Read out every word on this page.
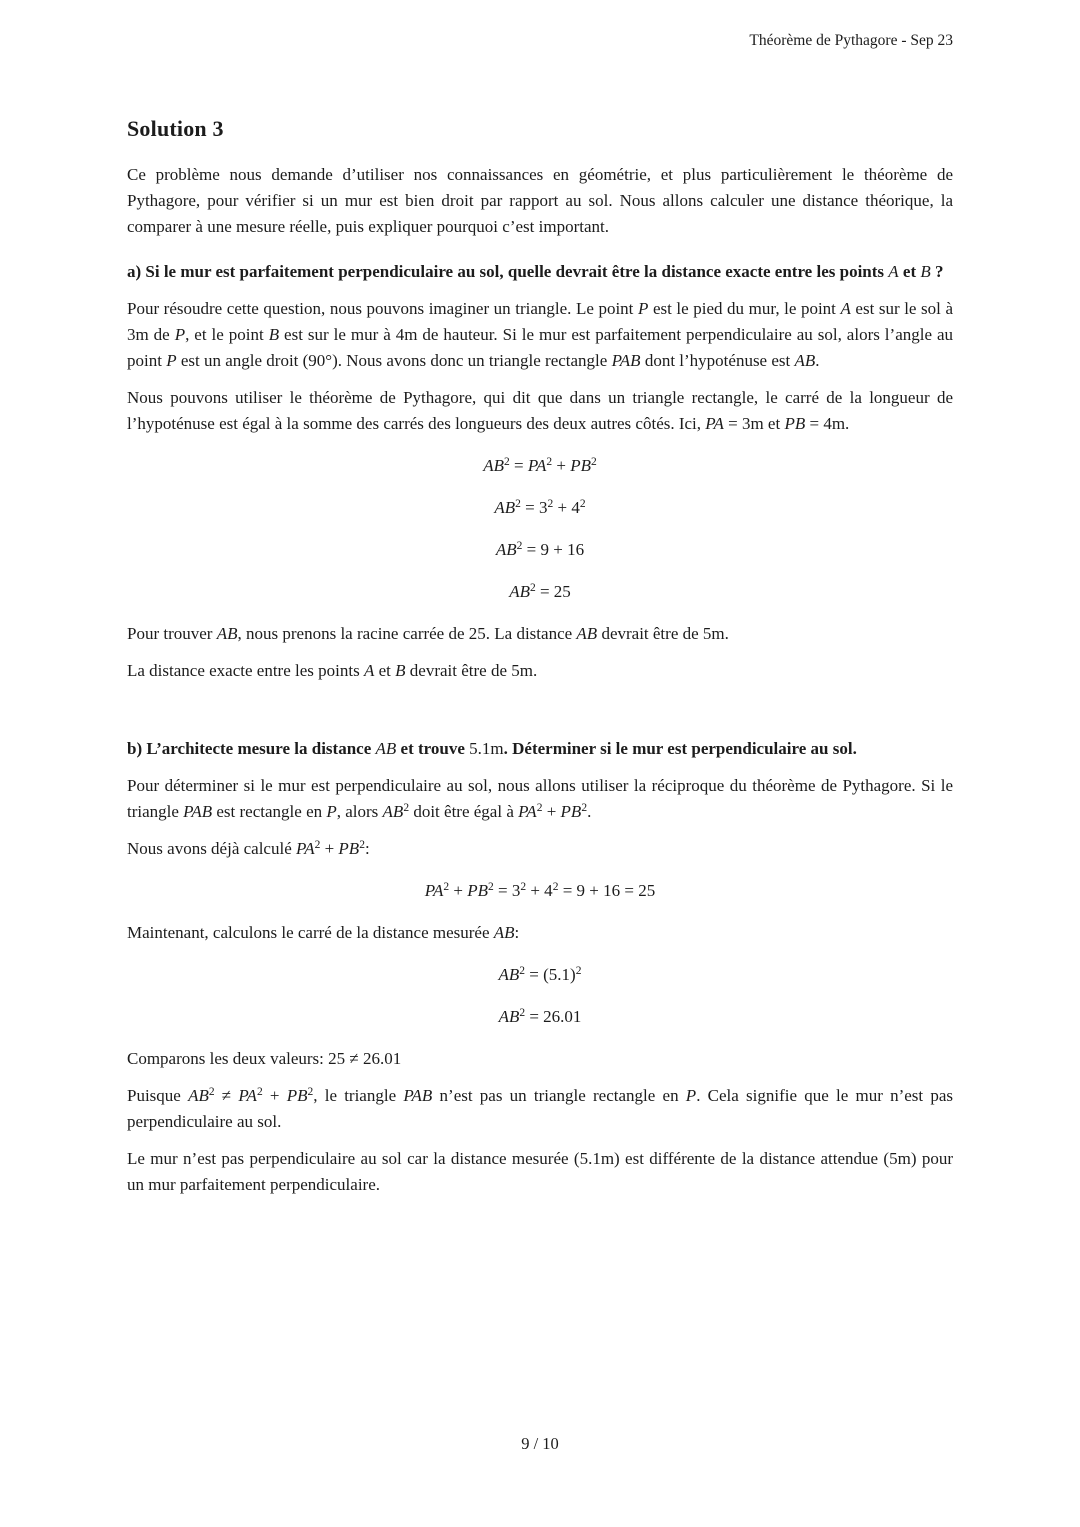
Théorème de Pythagore - Sep 23
Solution 3
Ce problème nous demande d’utiliser nos connaissances en géométrie, et plus particulièrement le théorème de Pythagore, pour vérifier si un mur est bien droit par rapport au sol. Nous allons calculer une distance théorique, la comparer à une mesure réelle, puis expliquer pourquoi c’est important.
a) Si le mur est parfaitement perpendiculaire au sol, quelle devrait être la distance exacte entre les points A et B ?
Pour résoudre cette question, nous pouvons imaginer un triangle. Le point P est le pied du mur, le point A est sur le sol à 3m de P, et le point B est sur le mur à 4m de hauteur. Si le mur est parfaitement perpendiculaire au sol, alors l’angle au point P est un angle droit (90°). Nous avons donc un triangle rectangle PAB dont l’hypoténuse est AB.
Nous pouvons utiliser le théorème de Pythagore, qui dit que dans un triangle rectangle, le carré de la longueur de l’hypoténuse est égal à la somme des carrés des longueurs des deux autres côtés. Ici, PA = 3m et PB = 4m.
$AB^2 = PA^2 + PB^2$
$AB^2 = 3^2 + 4^2$
$AB^2 = 9 + 16$
$AB^2 = 25$
Pour trouver AB, nous prenons la racine carrée de 25. La distance AB devrait être de 5m.
La distance exacte entre les points A et B devrait être de 5m.
b) L’architecte mesure la distance AB et trouve 5.1m. Déterminer si le mur est perpendiculaire au sol.
Pour déterminer si le mur est perpendiculaire au sol, nous allons utiliser la réciproque du théorème de Pythagore. Si le triangle PAB est rectangle en P, alors $AB^2$ doit être égal à $PA^2 + PB^2$.
Nous avons déjà calculé $PA^2 + PB^2$:
$PA^2 + PB^2 = 3^2 + 4^2 = 9 + 16 = 25$
Maintenant, calculons le carré de la distance mesurée AB:
$AB^2 = (5.1)^2$
$AB^2 = 26.01$
Comparons les deux valeurs: 25 ≠ 26.01
Puisque $AB^2 \ne PA^2 + PB^2$, le triangle PAB n’est pas un triangle rectangle en P. Cela signifie que le mur n’est pas perpendiculaire au sol.
Le mur n’est pas perpendiculaire au sol car la distance mesurée (5.1m) est différente de la distance attendue (5m) pour un mur parfaitement perpendiculaire.
9 / 10
